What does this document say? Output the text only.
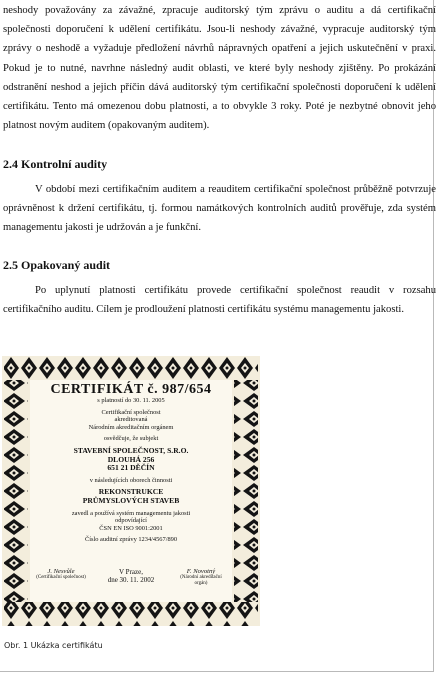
neshody považovány za závažné, zpracuje auditorský tým zprávu o auditu a dá certifikační společnosti doporučení k udělení certifikátu. Jsou-li neshody závažné, vypracuje auditorský tým zprávy o neshodě a vyžaduje předložení návrhů nápravných opatření a jejich uskutečnění v praxi. Pokud je to nutné, navrhne následný audit oblasti, ve které byly neshody zjištěny. Po prokázání odstranění neshod a jejich příčin dává auditorský tým certifikační společnosti doporučení k udělení certifikátu. Tento má omezenou dobu platnosti, a to obvykle 3 roky. Poté je nezbytné obnovit jeho platnost novým auditem (opakovaným auditem).

2.4 Kontrolní audity

V období mezi certifikačním auditem a reauditem certifikační společnost průběžně potvrzuje oprávněnost k držení certifikátu, tj. formou namátkových kontrolních auditů prověřuje, zda systém managementu jakosti je udržován a je funkční.

2.5 Opakovaný audit

Po uplynutí platnosti certifikátu provede certifikační společnost reaudit v rozsahu certifikačního auditu. Cílem je prodloužení platnosti certifikátu systému managementu jakosti.

CERTIFIKÁT č. 987/654
s platností do 30. 11. 2005
Certifikační společnost
akreditovaná
Národním akreditačním orgánem
osvědčuje, že subjekt
STAVEBNÍ SPOLEČNOST, S.R.O.
DLOUHÁ 256
651 21 DĚČÍN
v následujících oborech činnosti
REKONSTRUKCE
PRŮMYSLOVÝCH STAVEB
zavedl a používá systém managementu jakosti
odpovídající
ČSN EN ISO 9001:2001
Číslo auditní zprávy 1234/4567/890
J. Nesvůle
(Certifikační společnost)
V Praze,
dne 30. 11. 2002
F. Novotný
(Národní akreditační orgán)
Obr. 1 Ukázka certifikátu
